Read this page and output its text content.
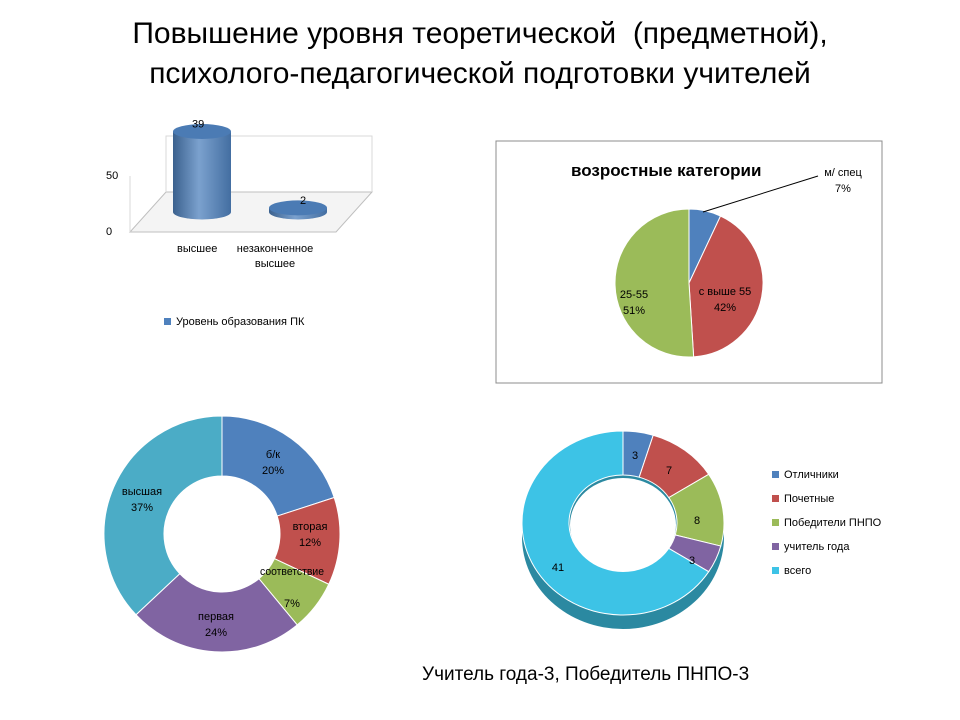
Повышение уровня теоретической  (предметной),
психолого-педагогической подготовки учителей
0
50
39
2
высшее незаконченное высшее
Уровень образования ПК
возростные категории	м/ спец
7%
с выше 55
42%
25-55
51%
б/к
20%
вторая
12%
соответствие
7%
первая
24%
высшая
37%
3
7
8
3
41
Отличники
Почетные
Победители ПНПО
учитель года
всего
Учитель года-3, Победитель ПНПО-3
